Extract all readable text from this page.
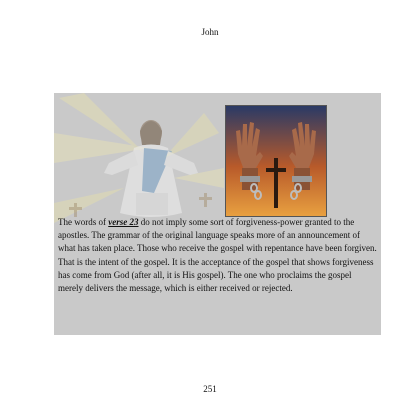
John
The words of verse 23 do not imply some sort of forgiveness-power granted to the apostles. The grammar of the original language speaks more of an announcement of what has taken place. Those who receive the gospel with repentance have been forgiven. That is the intent of the gospel. It is the acceptance of the gospel that shows forgiveness has come from God (after all, it is His gospel). The one who proclaims the gospel merely delivers the message, which is either received or rejected.
251
